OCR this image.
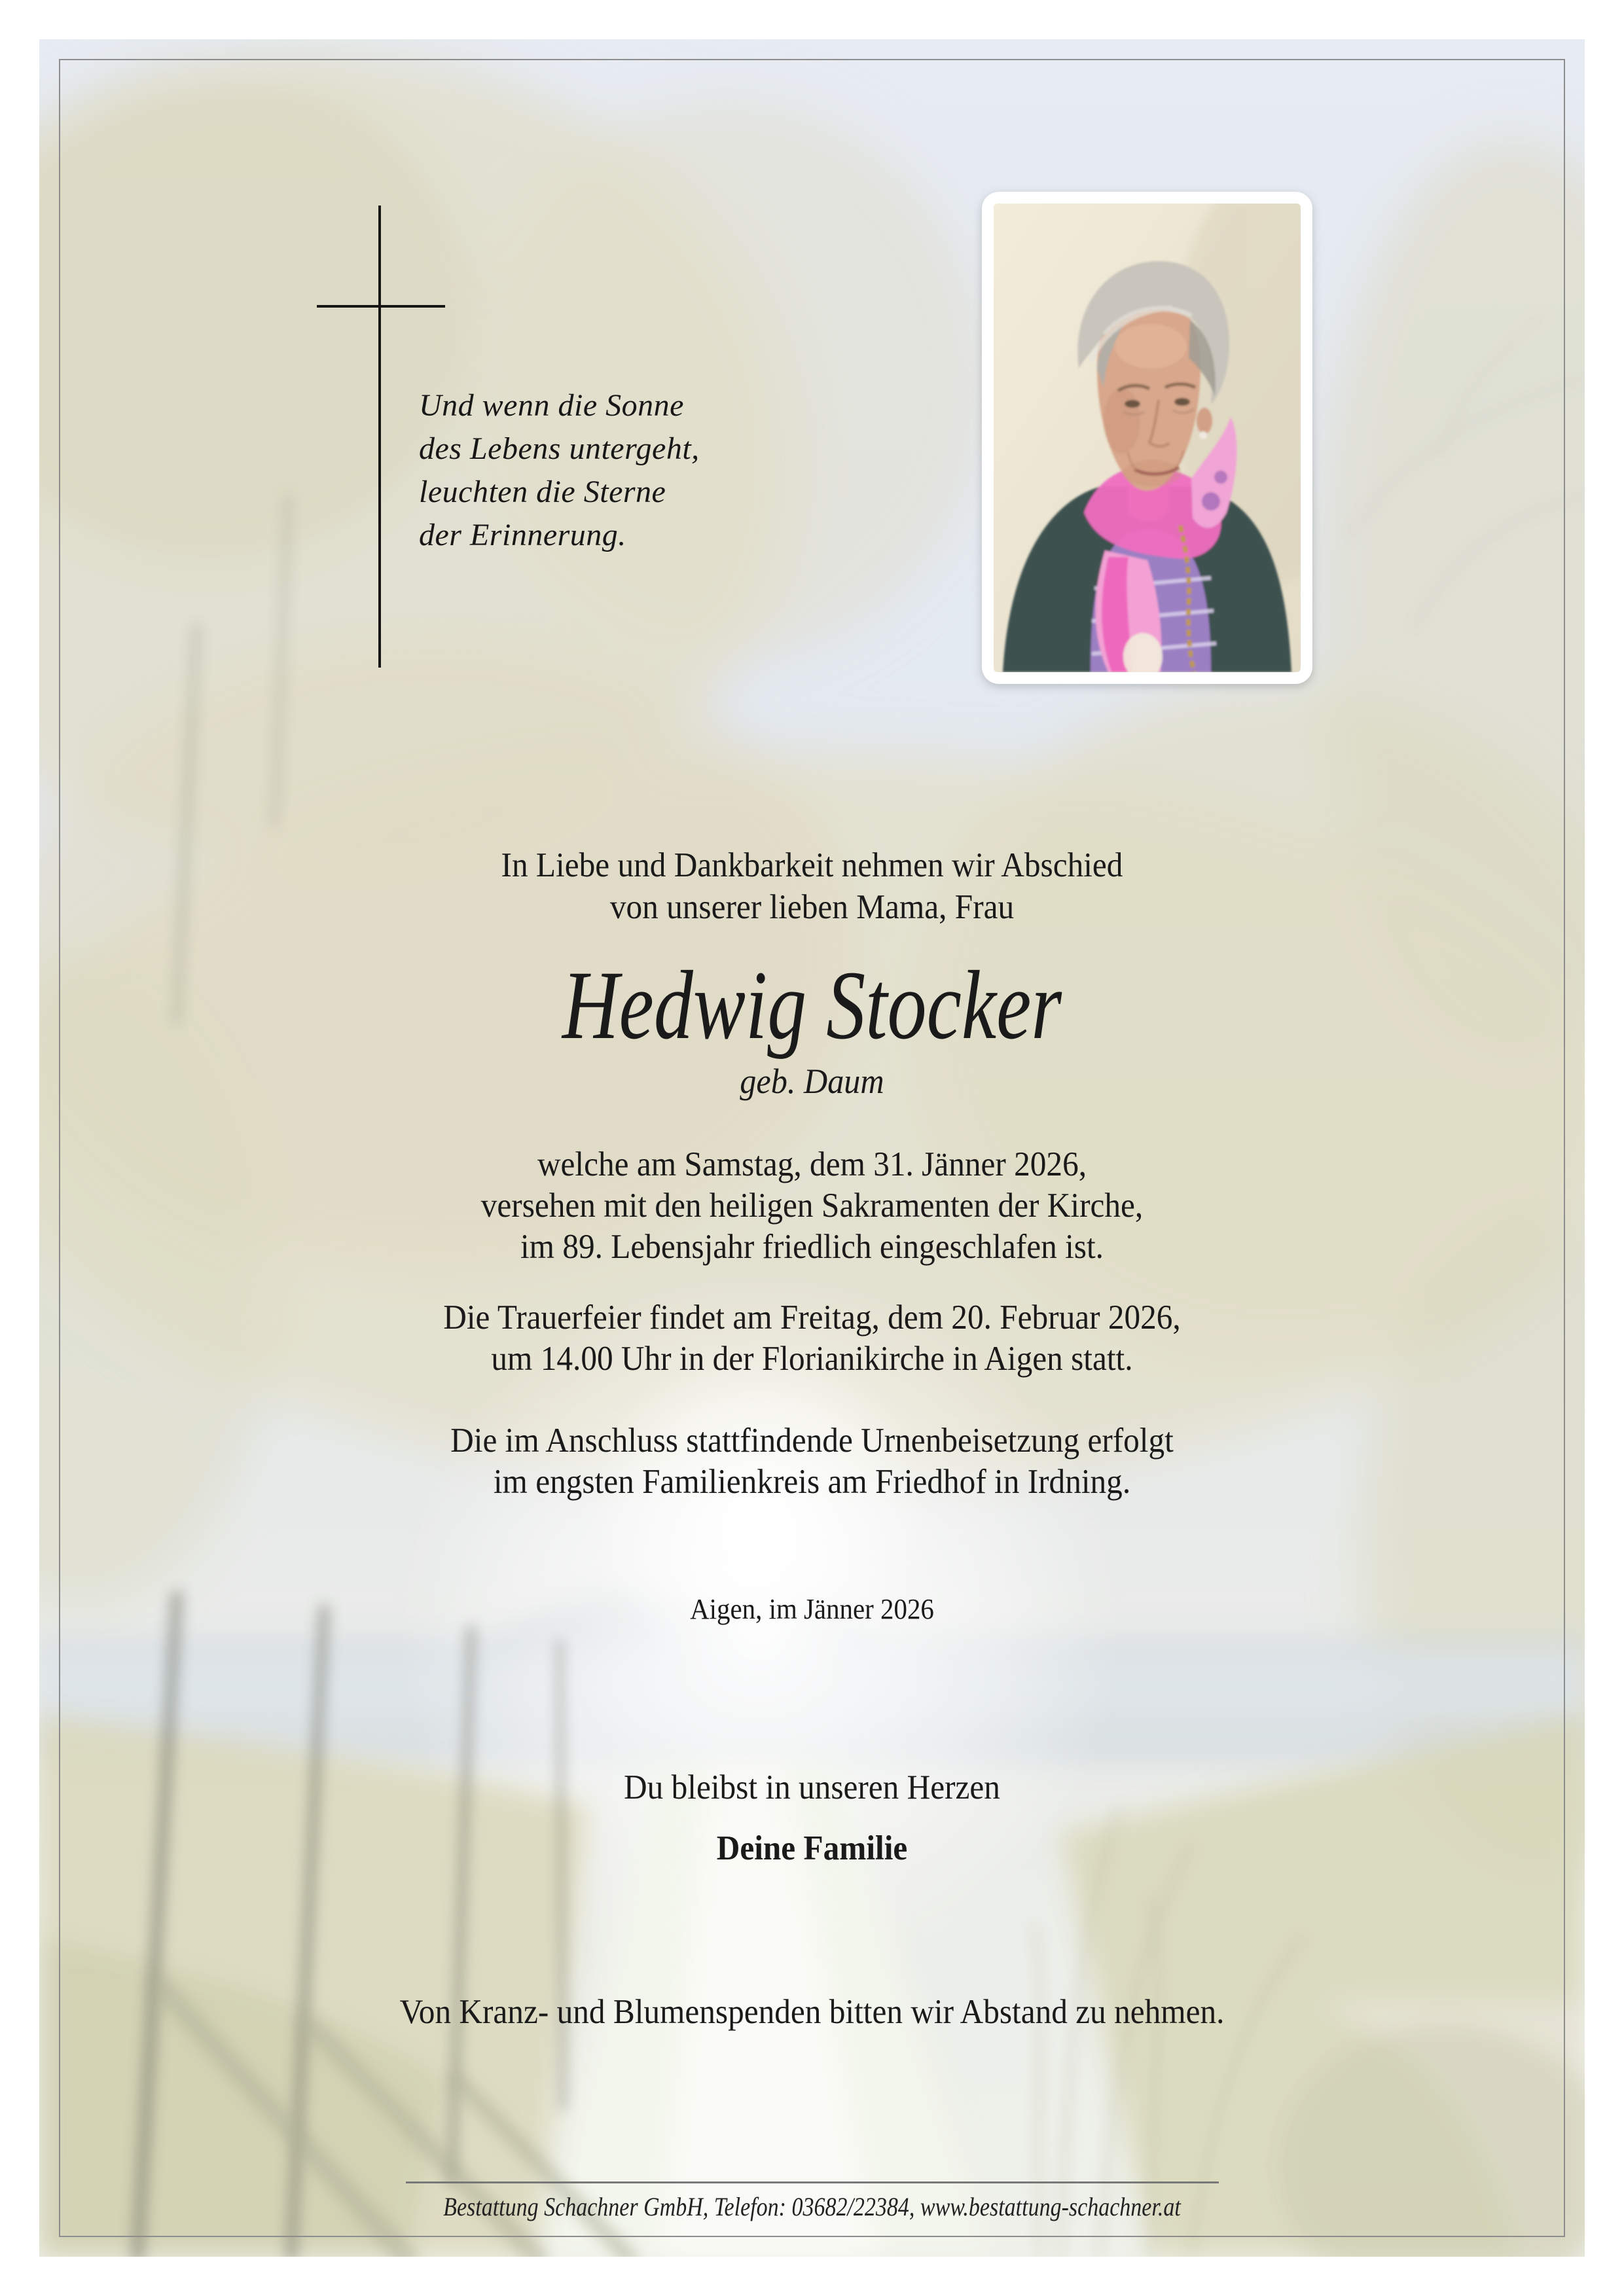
Und wenn die Sonne
des Lebens untergeht,
leuchten die Sterne
der Erinnerung.
In Liebe und Dankbarkeit nehmen wir Abschied
von unserer lieben Mama, Frau
Hedwig Stocker
geb. Daum
welche am Samstag, dem 31. Jänner 2026,
versehen mit den heiligen Sakramenten der Kirche,
im 89. Lebensjahr friedlich eingeschlafen ist.
Die Trauerfeier findet am Freitag, dem 20. Februar 2026,
um 14.00 Uhr in der Florianikirche in Aigen statt.
Die im Anschluss stattfindende Urnenbeisetzung erfolgt
im engsten Familienkreis am Friedhof in Irdning.
Aigen, im Jänner 2026
Du bleibst in unseren Herzen
Deine Familie
Von Kranz- und Blumenspenden bitten wir Abstand zu nehmen.
Bestattung Schachner GmbH, Telefon: 03682/22384, www.bestattung-schachner.at
